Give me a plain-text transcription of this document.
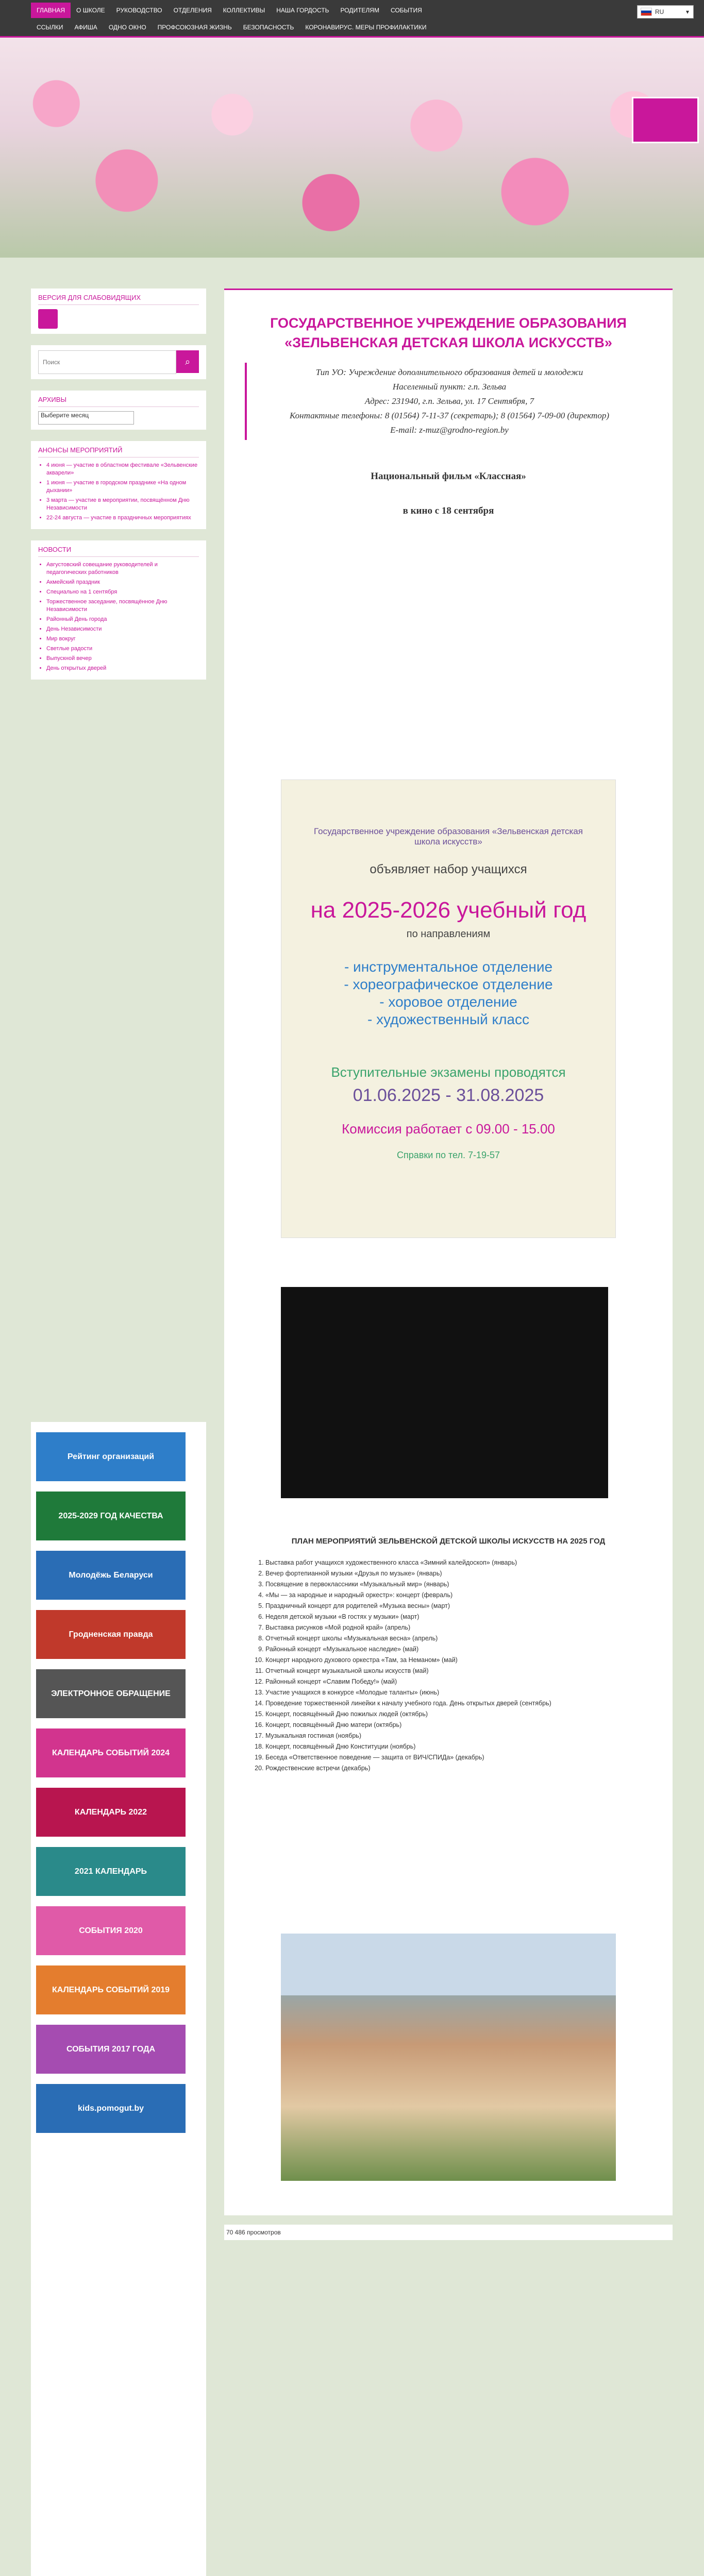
ГЛАВНАЯ	О ШКОЛЕ	РУКОВОДСТВО	ОТДЕЛЕНИЯ	КОЛЛЕКТИВЫ	НАША ГОРДОСТЬ	РОДИТЕЛЯМ	СОБЫТИЯ
ССЫЛКИ	АФИША	ОДНО ОКНО	ПРОФСОЮЗНАЯ ЖИЗНЬ	БЕЗОПАСНОСТЬ	КОРОНАВИРУС. МЕРЫ ПРОФИЛАКТИКИ
RU	▾
ВЕРСИЯ ДЛЯ СЛАБОВИДЯЩИХ
Поиск
⌕
АРХИВЫ
Выберите месяц
АНОНСЫ МЕРОПРИЯТИЙ
• 4 июня — участие в областном фестивале «Зельвенские акварели»
• 1 июня — участие в городском празднике «На одном дыхании»
• 3 марта — участие в мероприятии, посвящённом Дню Независимости
• 22-24 августа — участие в праздничных мероприятиях
НОВОСТИ
• Августовский совещание руководителей и педагогических работников
• Акмейский праздник
• Специально на 1 сентября
• Торжественное заседание, посвящённое Дню Независимости
• Районный День города
• День Независимости
• Мир вокруг
• Светлые радости
• Выпускной вечер
• День открытых дверей
Рейтинг организаций
2025-2029 ГОД КАЧЕСТВА
Молодёжь Беларуси
Гродненская правда
ЭЛЕКТРОННОЕ ОБРАЩЕНИЕ
КАЛЕНДАРЬ СОБЫТИЙ 2024
КАЛЕНДАРЬ 2022
2021 КАЛЕНДАРЬ
СОБЫТИЯ 2020
КАЛЕНДАРЬ СОБЫТИЙ 2019
СОБЫТИЯ 2017 ГОДА
kids.pomogut.by
ГОСУДАРСТВЕННОЕ УЧРЕЖДЕНИЕ ОБРАЗОВАНИЯ «ЗЕЛЬВЕНСКАЯ ДЕТСКАЯ ШКОЛА ИСКУССТВ»
Тип УО: Учреждение дополнительного образования детей и молодежи
Населенный пункт: г.п. Зельва
Адрес: 231940, г.п. Зельва, ул. 17 Сентября, 7
Контактные телефоны: 8 (01564) 7-11-37 (секретарь); 8 (01564) 7-09-00 (директор)
E-mail: z-muz@grodno-region.by
Национальный фильм «Классная»
в кино с 18 сентября
Государственное учреждение образования «Зельвенская детская школа искусств»
объявляет набор учащихся
на 2025-2026 учебный год
по направлениям
- инструментальное отделение
- хореографическое отделение
- хоровое отделение
- художественный класс
Вступительные экзамены проводятся
01.06.2025 - 31.08.2025
Комиссия работает с 09.00 - 15.00
Справки по тел. 7-19-57
ПЛАН МЕРОПРИЯТИЙ ЗЕЛЬВЕНСКОЙ ДЕТСКОЙ ШКОЛЫ ИСКУССТВ НА 2025 ГОД
1. Выставка работ учащихся художественного класса «Зимний калейдоскоп» (январь)
2. Вечер фортепианной музыки «Друзья по музыке» (январь)
3. Посвящение в первоклассники «Музыкальный мир» (январь)
4. «Мы — за народные и народный оркестр»: концерт (февраль)
5. Праздничный концерт для родителей «Музыка весны» (март)
6. Неделя детской музыки «В гостях у музыки» (март)
7. Выставка рисунков «Мой родной край» (апрель)
8. Отчетный концерт школы «Музыкальная весна» (апрель)
9. Районный концерт «Музыкальное наследие» (май)
10. Концерт народного духового оркестра «Там, за Неманом» (май)
11. Отчетный концерт музыкальной школы искусств (май)
12. Районный концерт «Славим Победу!» (май)
13. Участие учащихся в конкурсе «Молодые таланты» (июнь)
14. Проведение торжественной линейки к началу учебного года. День открытых дверей (сентябрь)
15. Концерт, посвящённый Дню пожилых людей (октябрь)
16. Концерт, посвящённый Дню матери (октябрь)
17. Музыкальная гостиная (ноябрь)
18. Концерт, посвящённый Дню Конституции (ноябрь)
19. Беседа «Ответственное поведение — защита от ВИЧ/СПИДа» (декабрь)
20. Рождественские встречи (декабрь)
70 486 просмотров
